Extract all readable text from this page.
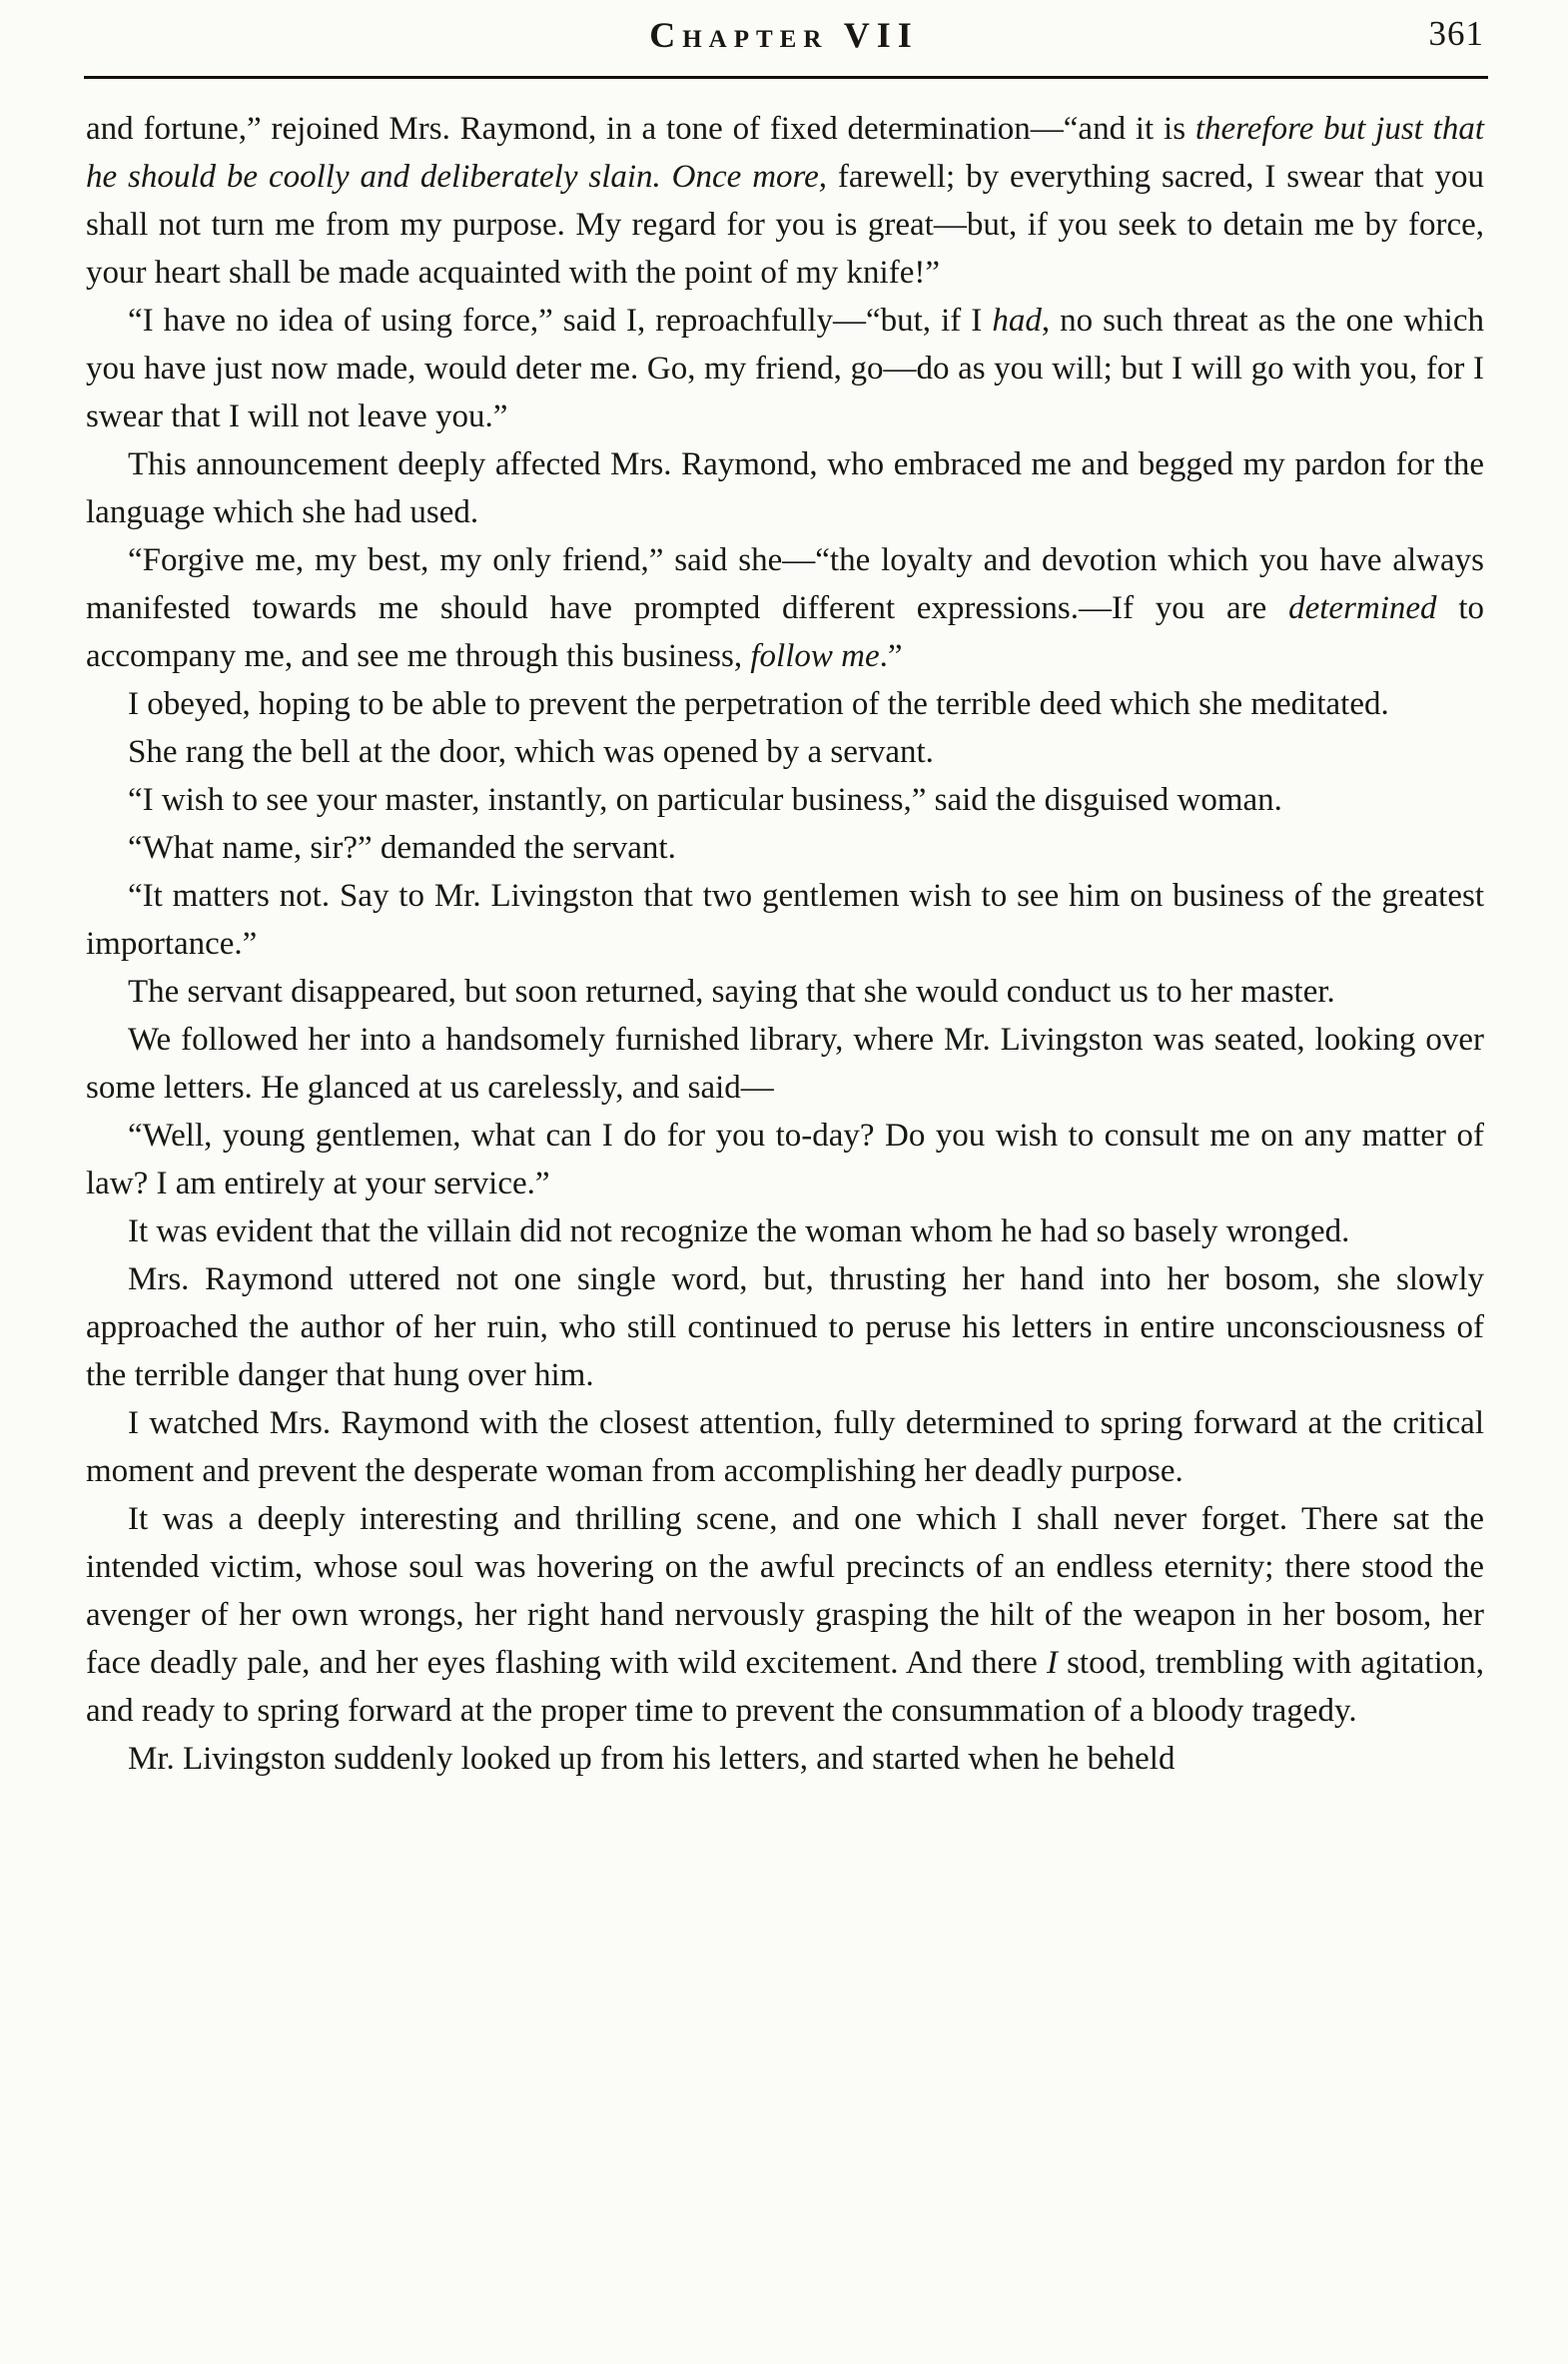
Chapter VII	361

and fortune,” rejoined Mrs. Raymond, in a tone of fixed determination—“and it is therefore but just that he should be coolly and deliberately slain. Once more, farewell; by everything sacred, I swear that you shall not turn me from my purpose. My regard for you is great—but, if you seek to detain me by force, your heart shall be made acquainted with the point of my knife!”

“I have no idea of using force,” said I, reproachfully—“but, if I had, no such threat as the one which you have just now made, would deter me. Go, my friend, go—do as you will; but I will go with you, for I swear that I will not leave you.”

This announcement deeply affected Mrs. Raymond, who embraced me and begged my pardon for the language which she had used.

“Forgive me, my best, my only friend,” said she—“the loyalty and devotion which you have always manifested towards me should have prompted different expressions.—If you are determined to accompany me, and see me through this business, follow me.”

I obeyed, hoping to be able to prevent the perpetration of the terrible deed which she meditated.

She rang the bell at the door, which was opened by a servant.

“I wish to see your master, instantly, on particular business,” said the disguised woman.

“What name, sir?” demanded the servant.

“It matters not. Say to Mr. Livingston that two gentlemen wish to see him on business of the greatest importance.”

The servant disappeared, but soon returned, saying that she would conduct us to her master.

We followed her into a handsomely furnished library, where Mr. Livingston was seated, looking over some letters. He glanced at us carelessly, and said—

“Well, young gentlemen, what can I do for you to-day? Do you wish to consult me on any matter of law? I am entirely at your service.”

It was evident that the villain did not recognize the woman whom he had so basely wronged.

Mrs. Raymond uttered not one single word, but, thrusting her hand into her bosom, she slowly approached the author of her ruin, who still continued to peruse his letters in entire unconsciousness of the terrible danger that hung over him.

I watched Mrs. Raymond with the closest attention, fully determined to spring forward at the critical moment and prevent the desperate woman from accomplishing her deadly purpose.

It was a deeply interesting and thrilling scene, and one which I shall never forget. There sat the intended victim, whose soul was hovering on the awful precincts of an endless eternity; there stood the avenger of her own wrongs, her right hand nervously grasping the hilt of the weapon in her bosom, her face deadly pale, and her eyes flashing with wild excitement. And there I stood, trembling with agitation, and ready to spring forward at the proper time to prevent the consummation of a bloody tragedy.

Mr. Livingston suddenly looked up from his letters, and started when he beheld
